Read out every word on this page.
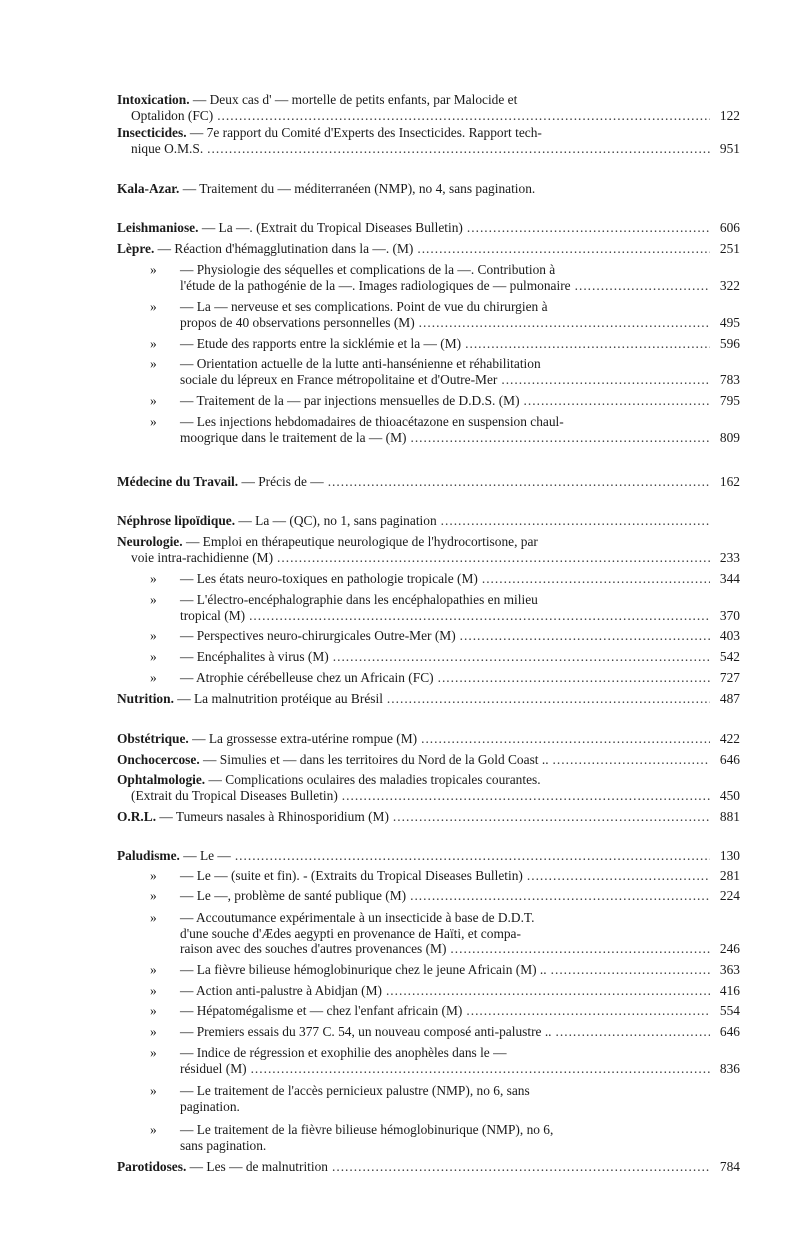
Intoxication. — Deux cas d' — mortelle de petits enfants, par Malocide et
Optalidon (FC) .....	122
Insecticides. — 7e rapport du Comité d'Experts des Insecticides. Rapport tech-
nique O.M.S. .....	951
Kala-Azar. — Traitement du — méditerranéen (NMP), no 4, sans pagination.
Leishmaniose. — La —. (Extrait du Tropical Diseases Bulletin) .....	606
Lèpre. — Réaction d'hémagglutination dans la —. (M) .....	251
»	— Physiologie des séquelles et complications de la —. Contribution à
l'étude de la pathogénie de la —. Images radiologiques de — pulmonaire .....	322
»	— La — nerveuse et ses complications. Point de vue du chirurgien à
propos de 40 observations personnelles (M) .....	495
»	— Etude des rapports entre la sicklémie et la — (M) .....	596
»	— Orientation actuelle de la lutte anti-hansénienne et réhabilitation
sociale du lépreux en France métropolitaine et d'Outre-Mer .....	783
»	— Traitement de la — par injections mensuelles de D.D.S. (M) .....	795
»	— Les injections hebdomadaires de thioacétazone en suspension chaul-
moogrique dans le traitement de la — (M) .....	809
Médecine du Travail. — Précis de — .....	162
Néphrose lipoïdique. — La — (QC), no 1, sans pagination
.....
Neurologie. — Emploi en thérapeutique neurologique de l'hydrocortisone, par
voie intra-rachidienne (M) .....	233
»	— Les états neuro-toxiques en pathologie tropicale (M) .....	344
»	— L'électro-encéphalographie dans les encéphalopathies en milieu
tropical (M) .....	370
»	— Perspectives neuro-chirurgicales Outre-Mer (M) .....	403
»	— Encéphalites à virus (M) .....	542
»	— Atrophie cérébelleuse chez un Africain (FC) .....	727
Nutrition. — La malnutrition protéique au Brésil .....	487
Obstétrique. — La grossesse extra-utérine rompue (M) .....	422
Onchocercose. — Simulies et — dans les territoires du Nord de la Gold Coast .. .....	646
Ophtalmologie. — Complications oculaires des maladies tropicales courantes.
(Extrait du Tropical Diseases Bulletin) .....	450
O.R.L. — Tumeurs nasales à Rhinosporidium (M) .....	881
Paludisme. — Le — .....	130
»	— Le — (suite et fin). - (Extraits du Tropical Diseases Bulletin) .....	281
»	— Le —, problème de santé publique (M) .....	224
»	— Accoutumance expérimentale à un insecticide à base de D.D.T.
d'une souche d'Ædes aegypti en provenance de Haïti, et compa-
raison avec des souches d'autres provenances (M) .....	246
»	— La fièvre bilieuse hémoglobinurique chez le jeune Africain (M) .. .....	363
»	— Action anti-palustre à Abidjan (M) .....	416
»	— Hépatomégalisme et — chez l'enfant africain (M) .....	554
»	— Premiers essais du 377 C. 54, un nouveau composé anti-palustre .. .....	646
»	— Indice de régression et exophilie des anophèles dans le —
résiduel (M) .....	836
»	— Le traitement de l'accès pernicieux palustre (NMP), no 6, sans
pagination.
»	— Le traitement de la fièvre bilieuse hémoglobinurique (NMP), no 6,
sans pagination.
Parotidoses. — Les — de malnutrition .....	784
